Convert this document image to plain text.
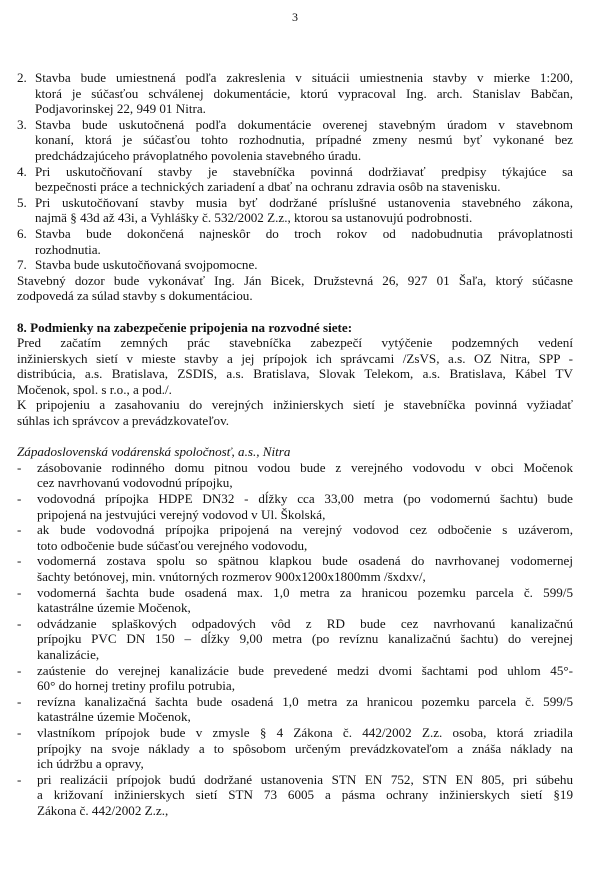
3
2. Stavba bude umiestnená podľa zakreslenia v situácii umiestnenia stavby v mierke 1:200,
ktorá je súčasťou schválenej dokumentácie, ktorú vypracoval Ing. arch. Stanislav Babčan,
Podjavorinskej 22, 949 01 Nitra.
3. Stavba bude uskutočnená podľa dokumentácie overenej stavebným úradom v stavebnom
konaní, ktorá je súčasťou tohto rozhodnutia, prípadné zmeny nesmú byť vykonané bez
predchádzajúceho právoplatného povolenia stavebného úradu.
4. Pri uskutočňovaní stavby je stavebníčka povinná dodržiavať predpisy týkajúce sa
bezpečnosti práce a technických zariadení a dbať na ochranu zdravia osôb na stavenisku.
5. Pri uskutočňovaní stavby musia byť dodržané príslušné ustanovenia stavebného zákona,
najmä § 43d až 43i, a Vyhlášky č. 532/2002 Z.z., ktorou sa ustanovujú podrobnosti.
6. Stavba bude dokončená najneskôr do troch rokov od nadobudnutia právoplatnosti
rozhodnutia.
7. Stavba bude uskutočňovaná svojpomocne.
Stavebný dozor bude vykonávať Ing. Ján Bicek, Družstevná 26, 927 01 Šaľa, ktorý súčasne
zodpovedá za súlad stavby s dokumentáciou.
8. Podmienky na zabezpečenie pripojenia na rozvodné siete:
Pred začatím zemných prác stavebníčka zabezpečí vytýčenie podzemných vedení
inžinierskych sietí v mieste stavby a jej prípojok ich správcami /ZsVS, a.s. OZ Nitra, SPP -
distribúcia, a.s. Bratislava, ZSDIS, a.s. Bratislava, Slovak Telekom, a.s. Bratislava, Kábel TV
Močenok, spol. s r.o., a pod./.
K pripojeniu a zasahovaniu do verejných inžinierskych sietí je stavebníčka povinná vyžiadať
súhlas ich správcov a prevádzkovateľov.
Západoslovenská vodárenská spoločnosť, a.s., Nitra
-	zásobovanie rodinného domu pitnou vodou bude z verejného vodovodu v obci Močenok
cez navrhovanú vodovodnú prípojku,
-	vodovodná prípojka HDPE DN32 - dĺžky cca 33,00 metra (po vodomernú šachtu) bude
pripojená na jestvujúci verejný vodovod v Ul. Školská,
-	ak bude vodovodná prípojka pripojená na verejný vodovod cez odbočenie s uzáverom,
toto odbočenie bude súčasťou verejného vodovodu,
-	vodomerná zostava spolu so spätnou klapkou bude osadená do navrhovanej vodomernej
šachty betónovej, min. vnútorných rozmerov 900x1200x1800mm /šxdxv/,
-	vodomerná šachta bude osadená max. 1,0 metra za hranicou pozemku parcela č. 599/5
katastrálne územie Močenok,
-	odvádzanie splaškových odpadových vôd z RD bude cez navrhovanú kanalizačnú
prípojku PVC DN 150 – dĺžky 9,00 metra (po revíznu kanalizačnú šachtu) do verejnej
kanalizácie,
-	zaústenie do verejnej kanalizácie bude prevedené medzi dvomi šachtami pod uhlom 45°-
60° do hornej tretiny profilu potrubia,
-	revízna kanalizačná šachta bude osadená 1,0 metra za hranicou pozemku parcela č. 599/5
katastrálne územie Močenok,
-	vlastníkom prípojok bude v zmysle § 4 Zákona č. 442/2002 Z.z. osoba, ktorá zriadila
prípojky na svoje náklady a to spôsobom určeným prevádzkovateľom a znáša náklady na
ich údržbu a opravy,
-	pri realizácii prípojok budú dodržané ustanovenia STN EN 752, STN EN 805, pri súbehu
a križovaní inžinierskych sietí STN 73 6005 a pásma ochrany inžinierskych sietí §19
Zákona č. 442/2002 Z.z.,
